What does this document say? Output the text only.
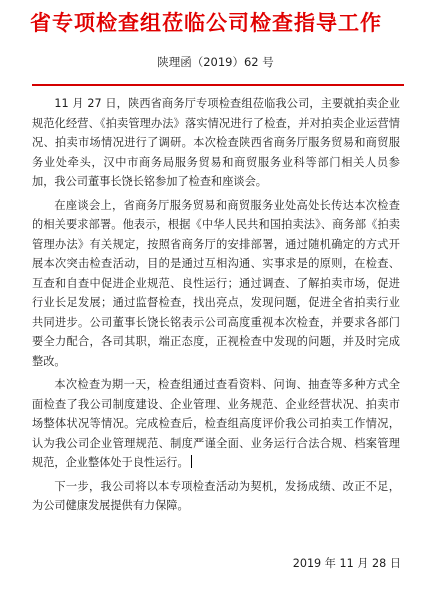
省专项检查组莅临公司检查指导工作
陕理函（2019）62 号

11 月 27 日，陕西省商务厅专项检查组莅临我公司，主要就拍卖企业规范化经营、《拍卖管理办法》落实情况进行了检查，并对拍卖企业运营情况、拍卖市场情况进行了调研。本次检查陕西省商务厅服务贸易和商贸服务业处牵头，汉中市商务局服务贸易和商贸服务业科等部门相关人员参加，我公司董事长饶长铭参加了检查和座谈会。

在座谈会上，省商务厅服务贸易和商贸服务业处高处长传达本次检查的相关要求部署。他表示，根据《中华人民共和国拍卖法》、商务部《拍卖管理办法》有关规定，按照省商务厅的安排部署，通过随机确定的方式开展本次突击检查活动，目的是通过互相沟通、实事求是的原则，在检查、互查和自查中促进企业规范、良性运行；通过调查、了解拍卖市场，促进行业长足发展；通过监督检查，找出亮点，发现问题，促进全省拍卖行业共同进步。公司董事长饶长铭表示公司高度重视本次检查，并要求各部门要全力配合，各司其职，端正态度，正视检查中发现的问题，并及时完成整改。

本次检查为期一天，检查组通过查看资料、问询、抽查等多种方式全面检查了我公司制度建设、企业管理、业务规范、企业经营状况、拍卖市场整体状况等情况。完成检查后，检查组高度评价我公司拍卖工作情况，认为我公司企业管理规范、制度严谨全面、业务运行合法合规、档案管理规范，企业整体处于良性运行。

下一步，我公司将以本专项检查活动为契机，发扬成绩、改正不足，为公司健康发展提供有力保障。

2019 年 11 月 28 日
